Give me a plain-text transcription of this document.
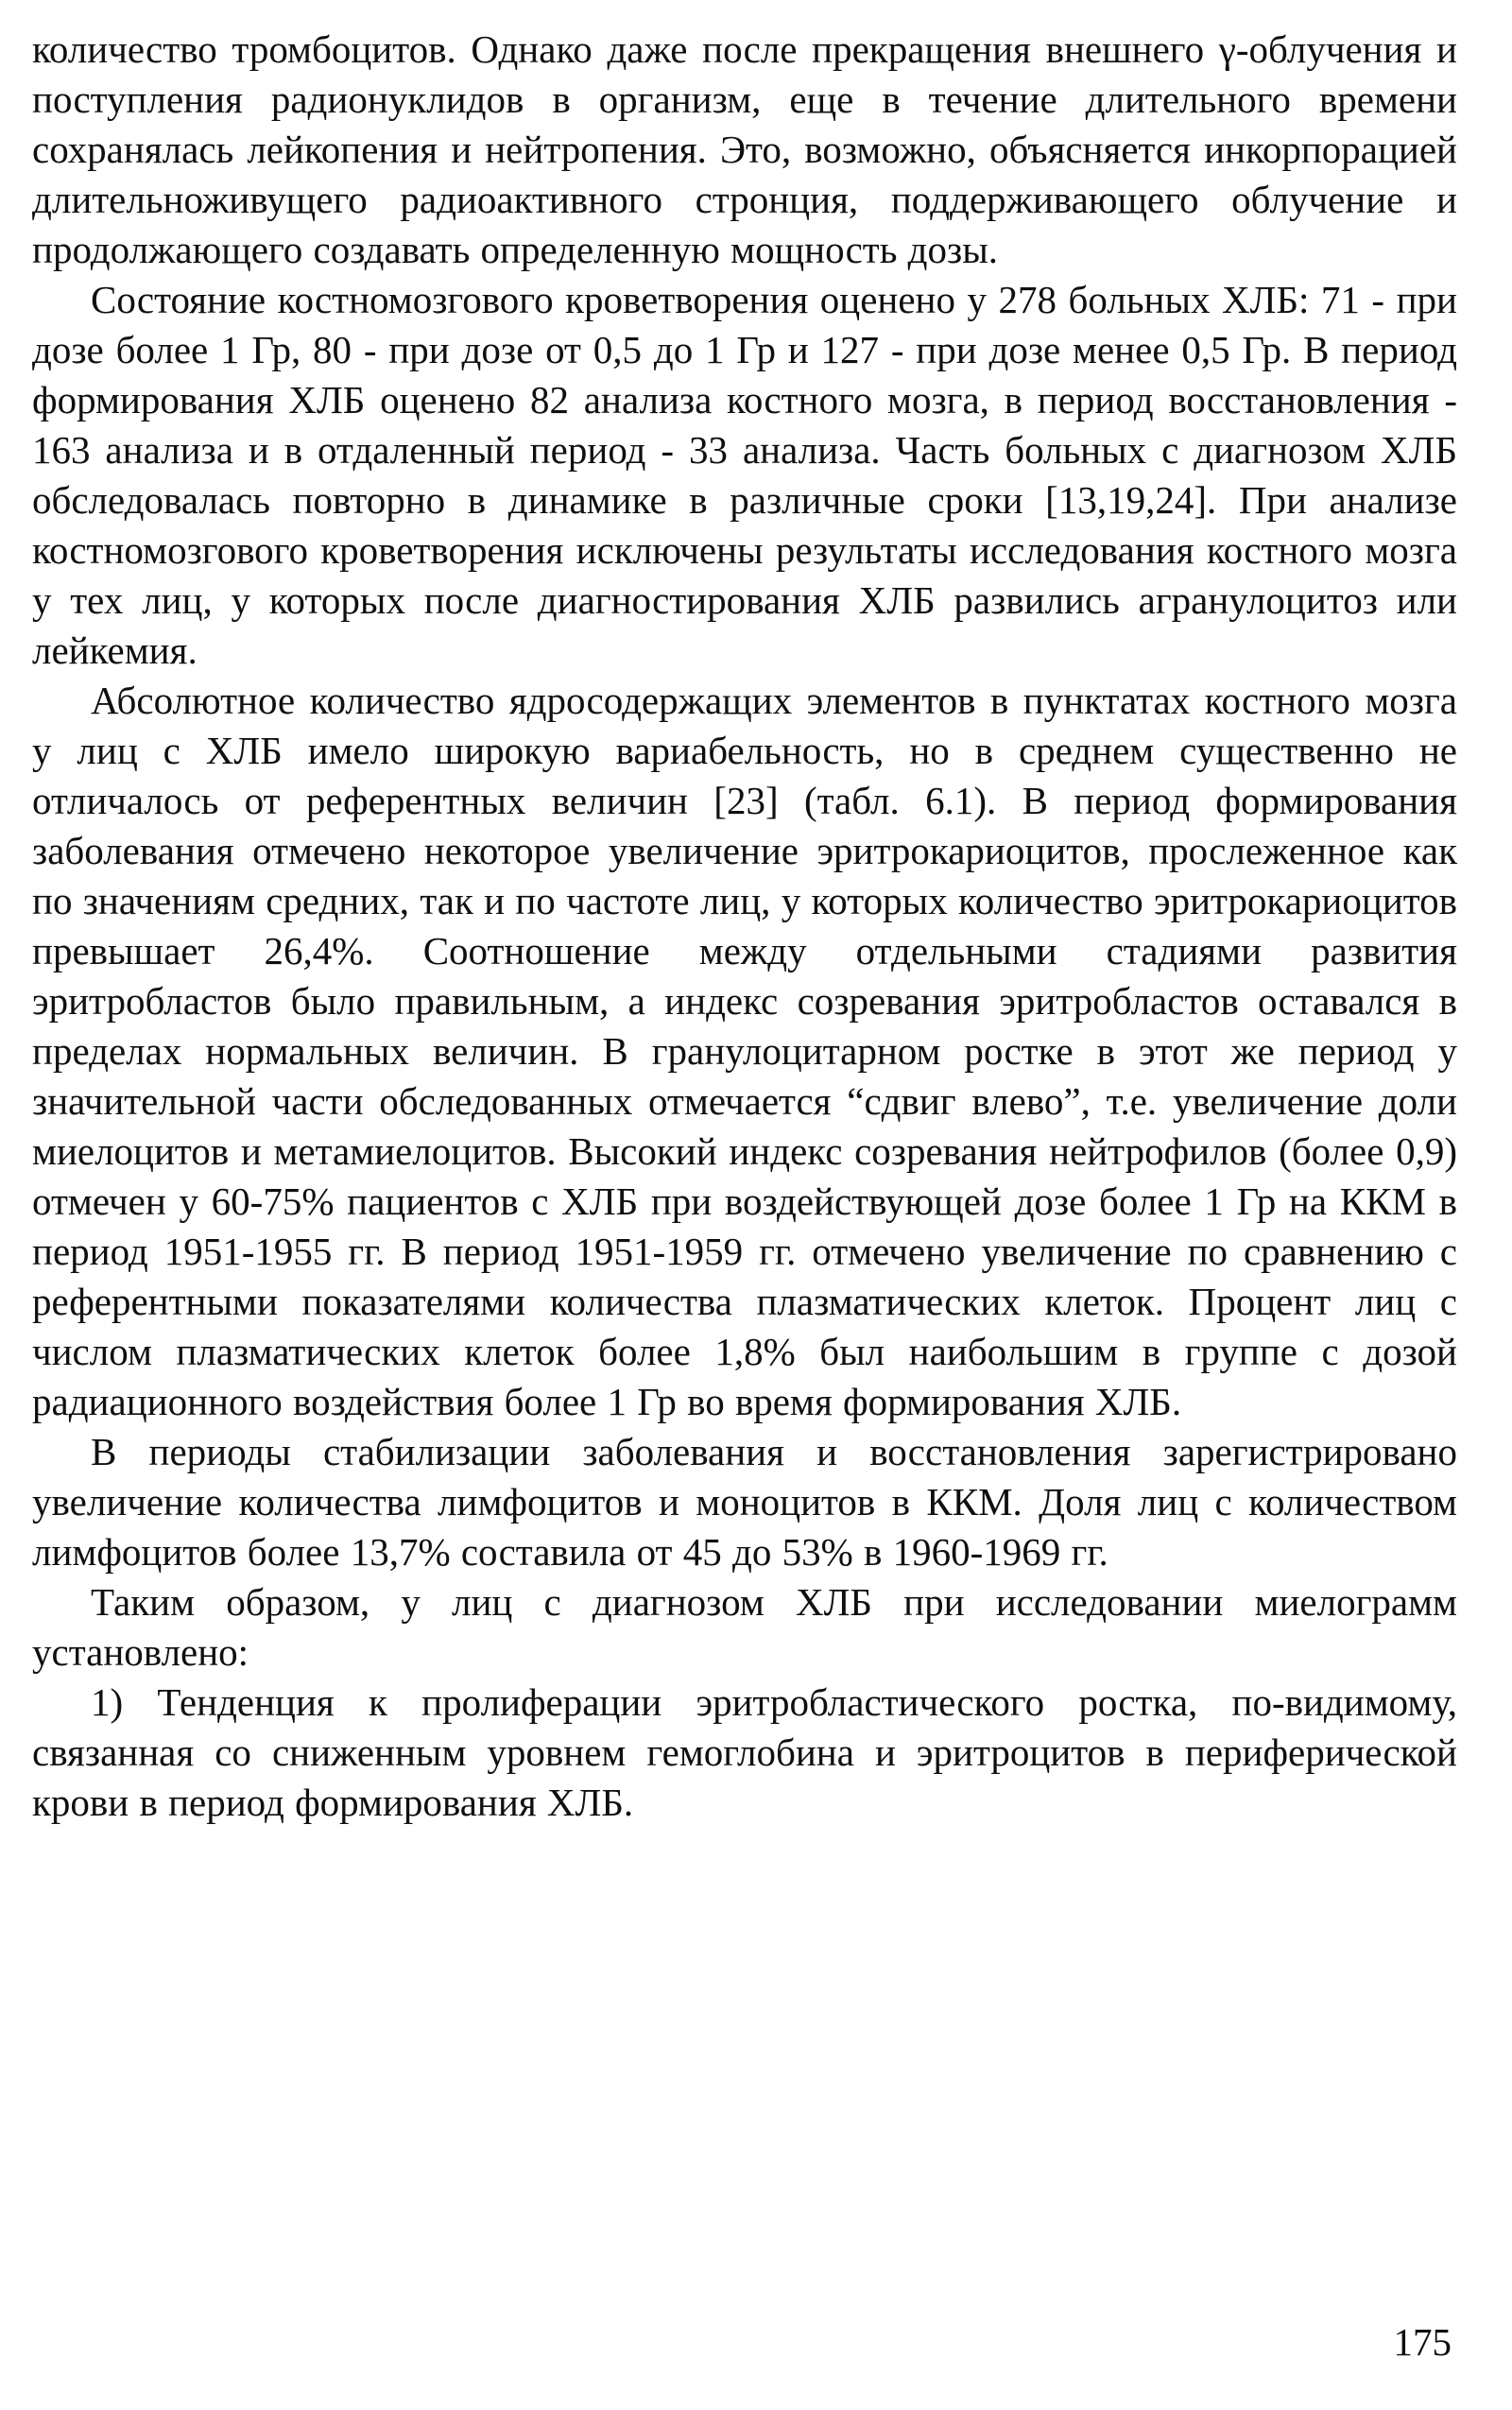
количество тромбоцитов. Однако даже после прекращения внешнего γ-облучения и поступления радионуклидов в организм, еще в течение длительного времени сохранялась лейкопения и нейтропения. Это, возможно, объясняется инкорпорацией длительноживущего радиоактивного стронция, поддерживающего облучение и продолжающего создавать определенную мощность дозы.

Состояние костномозгового кроветворения оценено у 278 больных ХЛБ: 71 - при дозе более 1 Гр, 80 - при дозе от 0,5 до 1 Гр и 127 - при дозе менее 0,5 Гр. В период формирования ХЛБ оценено 82 анализа костного мозга, в период восстановления - 163 анализа и в отдаленный период - 33 анализа. Часть больных с диагнозом ХЛБ обследовалась повторно в динамике в различные сроки [13,19,24]. При анализе костномозгового кроветворения исключены результаты исследования костного мозга у тех лиц, у которых после диагностирования ХЛБ развились агранулоцитоз или лейкемия.

Абсолютное количество ядросодержащих элементов в пунктатах костного мозга у лиц с ХЛБ имело широкую вариабельность, но в среднем существенно не отличалось от референтных величин [23] (табл. 6.1). В период формирования заболевания отмечено некоторое увеличение эритрокариоцитов, прослеженное как по значениям средних, так и по частоте лиц, у которых количество эритрокариоцитов превышает 26,4%. Соотношение между отдельными стадиями развития эритробластов было правильным, а индекс созревания эритробластов оставался в пределах нормальных величин. В гранулоцитарном ростке в этот же период у значительной части обследованных отмечается “сдвиг влево”, т.е. увеличение доли миелоцитов и метамиелоцитов. Высокий индекс созревания нейтрофилов (более 0,9) отмечен у 60-75% пациентов с ХЛБ при воздействующей дозе более 1 Гр на ККМ в период 1951-1955 гг. В период 1951-1959 гг. отмечено увеличение по сравнению с референтными показателями количества плазматических клеток. Процент лиц с числом плазматических клеток более 1,8% был наибольшим в группе с дозой радиационного воздействия более 1 Гр во время формирования ХЛБ.

В периоды стабилизации заболевания и восстановления зарегистрировано увеличение количества лимфоцитов и моноцитов в ККМ. Доля лиц с количеством лимфоцитов более 13,7% составила от 45 до 53% в 1960-1969 гг.

Таким образом, у лиц с диагнозом ХЛБ при исследовании миелограмм установлено:

1) Тенденция к пролиферации эритробластического ростка, по-видимому, связанная со сниженным уровнем гемоглобина и эритроцитов в периферической крови в период формирования ХЛБ.

175
